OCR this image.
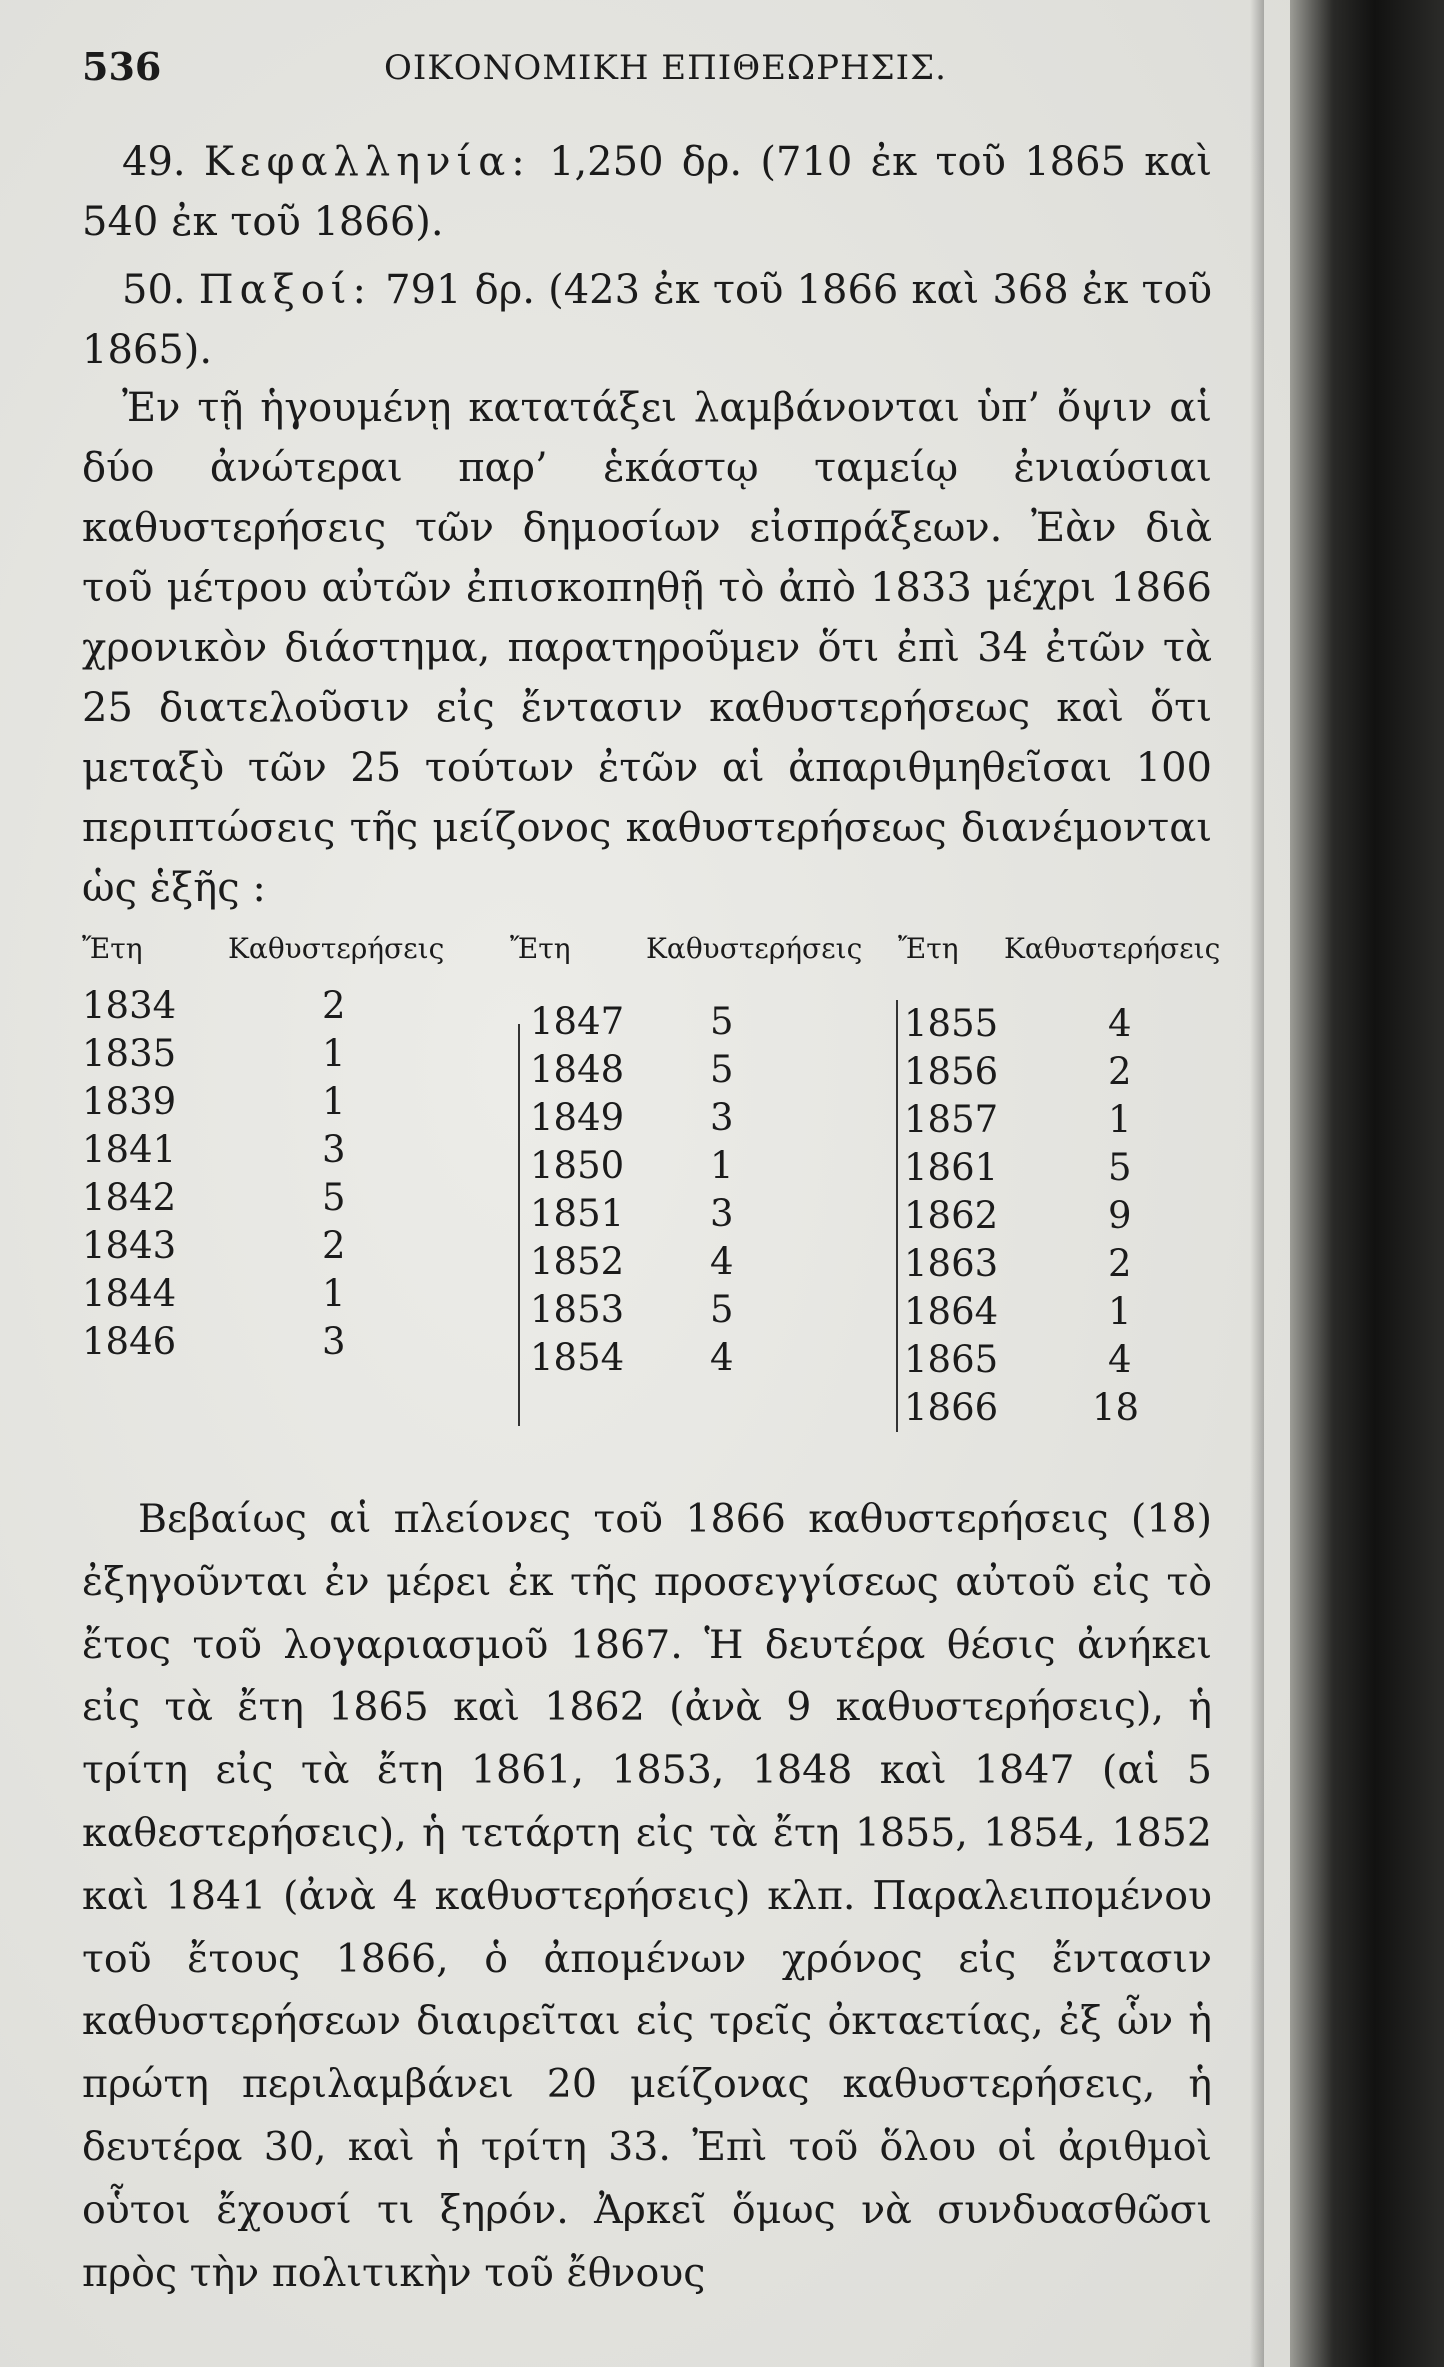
536	ΟΙΚΟΝΟΜΙΚΗ ΕΠΙΘΕΩΡΗΣΙΣ.

49. Κεφαλληνία: 1,250 δρ. (710 ἐκ τοῦ 1865 καὶ 540 ἐκ τοῦ 1866).

50. Παξοί: 791 δρ. (423 ἐκ τοῦ 1866 καὶ 368 ἐκ τοῦ 1865).

Ἐν τῇ ἡγουμένῃ κατατάξει λαμβάνονται ὑπ’ ὄψιν αἱ δύο ἀνώτεραι παρ’ ἑκάστῳ ταμείῳ ἐνιαύσιαι καθυστερήσεις τῶν δημοσίων εἰσπράξεων. Ἐὰν διὰ τοῦ μέτρου αὐτῶν ἐπισκοπηθῇ τὸ ἀπὸ 1833 μέχρι 1866 χρονικὸν διάστημα, παρατηροῦμεν ὅτι ἐπὶ 34 ἐτῶν τὰ 25 διατελοῦσιν εἰς ἔντασιν καθυστερήσεως καὶ ὅτι μεταξὺ τῶν 25 τούτων ἐτῶν αἱ ἀπαριθμηθεῖσαι 100 περιπτώσεις τῆς μείζονος καθυστερήσεως διανέμονται ὡς ἑξῆς :

Ἔτη	Καθυστερήσεις
1834	2
1835	1
1839	1
1841	3
1842	5
1843	2
1844	1
1846	3
Ἔτη	Καθυστερήσεις
1847 5
1848 5
1849 3
1850 1
1851 3
1852 4
1853 5
1854 4
Ἔτη Καθυστερήσεις
1855	4
1856	2
1857	1
1861	5
1862	9
1863	2
1864	1
1865	4
1866	18

Βεβαίως αἱ πλείονες τοῦ 1866 καθυστερήσεις (18) ἐξηγοῦνται ἐν μέρει ἐκ τῆς προσεγγίσεως αὐτοῦ εἰς τὸ ἔτος τοῦ λογαριασμοῦ 1867. Ἡ δευτέρα θέσις ἀνήκει εἰς τὰ ἔτη 1865 καὶ 1862 (ἀνὰ 9 καθυστερήσεις), ἡ τρίτη εἰς τὰ ἔτη 1861, 1853, 1848 καὶ 1847 (αἱ 5 καθεστερήσεις), ἡ τετάρτη εἰς τὰ ἔτη 1855, 1854, 1852 καὶ 1841 (ἀνὰ 4 καθυστερήσεις) κλπ. Παραλειπομένου τοῦ ἔτους 1866, ὁ ἀπομένων χρόνος εἰς ἔντασιν καθυστερήσεων διαιρεῖται εἰς τρεῖς ὀκταετίας, ἐξ ὧν ἡ πρώτη περιλαμβάνει 20 μείζονας καθυστερήσεις, ἡ δευτέρα 30, καὶ ἡ τρίτη 33. Ἐπὶ τοῦ ὅλου οἱ ἀριθμοὶ οὗτοι ἔχουσί τι ξηρόν. Ἀρκεῖ ὅμως νὰ συνδυασθῶσι πρὸς τὴν πολιτικὴν τοῦ ἔθνους
